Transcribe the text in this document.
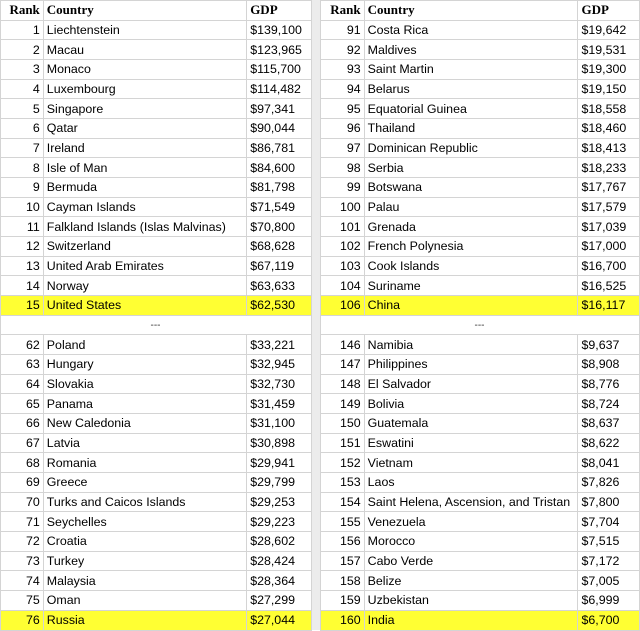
Rank	Country	GDP
1	Liechtenstein	$139,100
2	Macau	$123,965
3	Monaco	$115,700
4	Luxembourg	$114,482
5	Singapore	$97,341
6	Qatar	$90,044
7	Ireland	$86,781
8	Isle of Man	$84,600
9	Bermuda	$81,798
10	Cayman Islands	$71,549
11	Falkland Islands (Islas Malvinas)	$70,800
12	Switzerland	$68,628
13	United Arab Emirates	$67,119
14	Norway	$63,633
15	United States	$62,530
---		
62	Poland	$33,221
63	Hungary	$32,945
64	Slovakia	$32,730
65	Panama	$31,459
66	New Caledonia	$31,100
67	Latvia	$30,898
68	Romania	$29,941
69	Greece	$29,799
70	Turks and Caicos Islands	$29,253
71	Seychelles	$29,223
72	Croatia	$28,602
73	Turkey	$28,424
74	Malaysia	$28,364
75	Oman	$27,299
76	Russia	$27,044
Rank	Country	GDP
91	Costa Rica	$19,642
92	Maldives	$19,531
93	Saint Martin	$19,300
94	Belarus	$19,150
95	Equatorial Guinea	$18,558
96	Thailand	$18,460
97	Dominican Republic	$18,413
98	Serbia	$18,233
99	Botswana	$17,767
100	Palau	$17,579
101	Grenada	$17,039
102	French Polynesia	$17,000
103	Cook Islands	$16,700
104	Suriname	$16,525
106	China	$16,117
---		
146	Namibia	$9,637
147	Philippines	$8,908
148	El Salvador	$8,776
149	Bolivia	$8,724
150	Guatemala	$8,637
151	Eswatini	$8,622
152	Vietnam	$8,041
153	Laos	$7,826
154	Saint Helena, Ascension, and Tristan	$7,800
155	Venezuela	$7,704
156	Morocco	$7,515
157	Cabo Verde	$7,172
158	Belize	$7,005
159	Uzbekistan	$6,999
160	India	$6,700
